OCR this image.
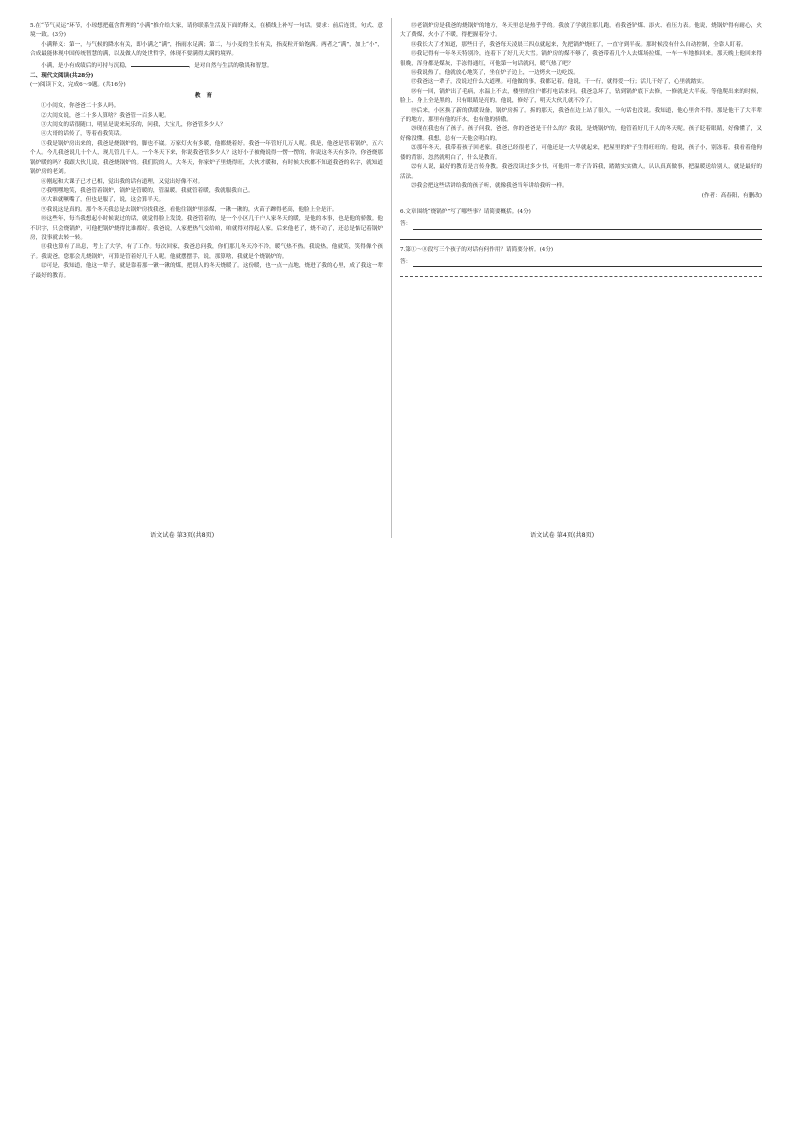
5.在“节气灵运”环节，小琼想把蕴含哲理的“小满”推介给大家，请你联系生活及下面的释义，在横线上补写一句话。要求：前后连贯，句式、意境一致。(3分)

小满释义：第一，与气候的降水有关，即小满之“满”，指雨水足满；第二，与小麦的生长有关，指麦粒开始饱满。两者之“满”，加上“小”，合成最能体现中国传统智慧的满，以及做人的处世哲学，体现不要满得太满的境界。

小满，是小有成绩后的可持与沉稳，	，是对自然与生活的敬畏和智慧。

二、现代文阅读(共28分)

(一)阅读下文，完成6～9题。(共16分)

教育

①小闺女，你爸爸二十多人吗。

②大闺女说，爸二十多人算啥？我爸管一百多人呢。

③大闺女的话很随口，明显是说来玩乐的，问我，大宝儿，你爸管多少人？

④大哥的话传了，等着看我笑话。

⑤我是锅炉房出来的，我爸是烧锅炉的，脚也不崴。万家灯火有多暖，他都烧着好。我爸一年管好几万人呢。我是，他爸是管着锅炉，五六个人。今儿我爸说几十个人，现儿管几千人。一个冬天下来，你说我爸管多少人？这好小子被俺说得一愣一愣的，你说这冬天有多冷，你爸烧那锅炉暖的吗？我跟大伙儿说，我爸烧锅炉的。我们院的人，大冬天，你家炉子里烧得旺，大伙才暖和，有时候大伙都不知道我爸的名字，就知道锅炉房的老刘。

⑥刚起和大课子已才已相，觉出我的话有道理，又觉出好像不对。

⑦我嘿嘿地笑，我爸管着锅炉，锅炉是管暖的，管温暖。我就管着暖，我就服我自己。

⑧大谁就噘嘴了，但也是服了，说，这会算半天。

⑨我说这是真的。那个冬天我总是去锅炉房找我爸，看他往锅炉里添煤，一锹一锹的，火苗子蹿得老高，他脸上全是汗。

⑩这些年，每当我想起小时候说过的话，就觉得脸上发烫。我爸管着的，是一个小区几千户人家冬天的暖，是他的本事，也是他的骄傲。他不识字，只会烧锅炉，可他把锅炉烧得比谁都好。我爸说，人家把热气交给咱，咱就得对得起人家。后来他老了，烧不动了，还总是惦记着锅炉房，没事就去转一转。

⑪我也算有了出息，考上了大学，有了工作。每次回家，我爸总问我，你们那儿冬天冷不冷，暖气热不热。我说热，他就笑，笑得像个孩子。我说爸，您那会儿烧锅炉，可算是管着好几千人呢。他就摆摆手，说，那算啥，我就是个烧锅炉的。

⑫可是，我知道，他这一辈子，就是靠着那一锹一锹的煤，把别人的冬天烧暖了。这份暖，也一点一点地，烧进了我的心里，成了我这一辈子最好的教育。

⑬老锅炉房是我爸的烧锅炉的地方，冬天里总是热乎乎的。我放了学就往那儿跑，看我爸铲煤、添火、看压力表。他说，烧锅炉得有耐心，火大了费煤，火小了不暖，得把握着分寸。

⑭我长大了才知道，那些日子，我爸每天凌晨三四点就起来，先把锅炉烧旺了，一直守到半夜。那时候没有什么自动控制，全靠人盯着。

⑮我记得有一年冬天特别冷，连着下了好几天大雪。锅炉房的煤不够了，我爸带着几个人去煤场拉煤，一车一车地推回来。那天晚上他回来得很晚，浑身都是煤灰，手冻得通红，可他第一句话就问，暖气热了吧？

⑯我说热了，他就放心地笑了，坐在炉子边上，一边烤火一边吃饭。

⑰我爸这一辈子，没说过什么大道理。可他做的事，我都记着。他说，干一行，就得爱一行；活儿干好了，心里就踏实。

⑱有一回，锅炉出了毛病，水温上不去，楼里的住户都打电话来问。我爸急坏了，钻到锅炉底下去修，一修就是大半夜。等他爬出来的时候，脸上、身上全是黑的，只有眼睛是亮的。他说，修好了，明天大伙儿就不冷了。

⑲后来，小区换了新的供暖设备，锅炉房拆了。拆的那天，我爸在边上站了很久，一句话也没说。我知道，他心里舍不得。那是他干了大半辈子的地方，那里有他的汗水，也有他的骄傲。

⑳现在我也有了孩子。孩子问我，爸爸，你的爸爸是干什么的？我说，是烧锅炉的，他管着好几千人的冬天呢。孩子眨着眼睛，好像懂了，又好像没懂。我想，总有一天他会明白的。

㉑那年冬天，我带着孩子回老家。我爸已经很老了，可他还是一大早就起来，把屋里的炉子生得旺旺的。他说，孩子小，别冻着。我看着他佝偻的背影，忽然就明白了，什么是教育。

㉒有人说，最好的教育是言传身教。我爸没读过多少书，可他用一辈子告诉我，踏踏实实做人，认认真真做事，把温暖送给别人，就是最好的活法。

㉓我会把这些话讲给我的孩子听，就像我爸当年讲给我听一样。

(作者：高春阳，有删改)

6.文章围绕“烧锅炉”写了哪些事？请简要概括。(4分)

答：

7.第①～⑧段写三个孩子的对话有何作用？请简要分析。(4分)

答：
语文试卷 第3页(共8页)	语文试卷 第4页(共8页)
